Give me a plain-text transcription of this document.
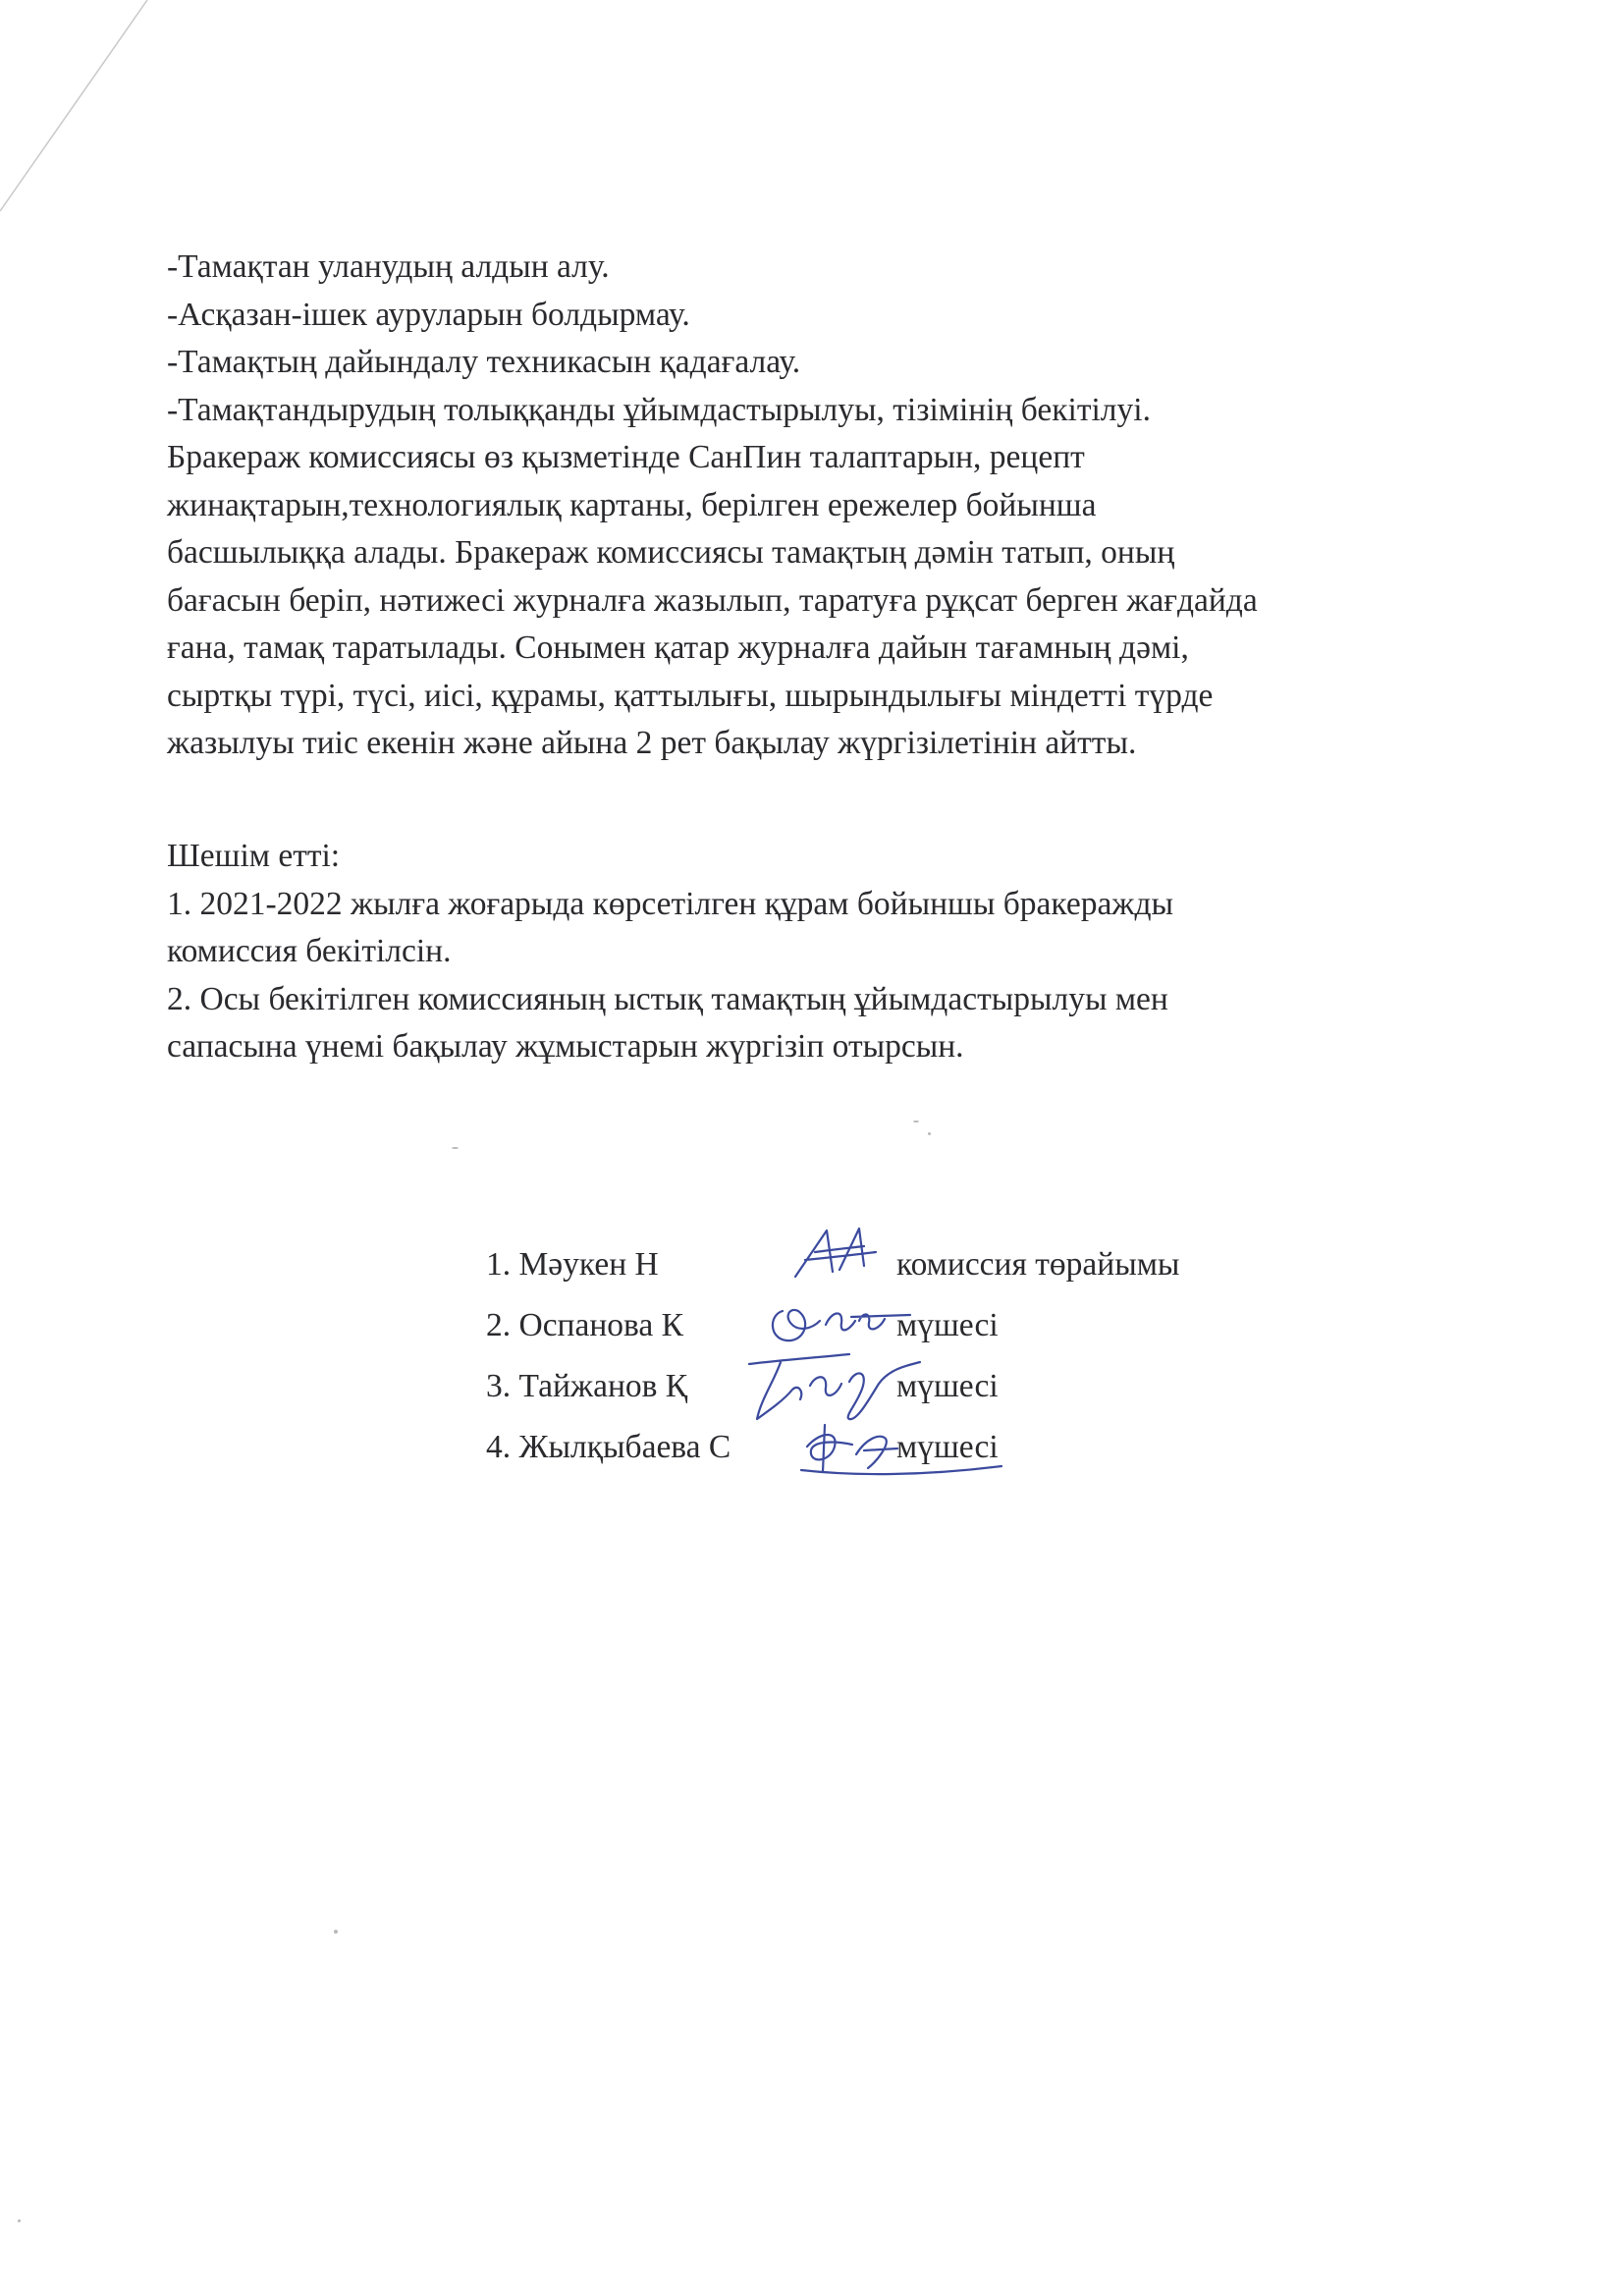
-Тамақтан уланудың алдын алу.

-Асқазан-ішек ауруларын болдырмау.

-Тамақтың дайындалу техникасын қадағалау.

-Тамақтандырудың толыққанды ұйымдастырылуы, тізімінің бекітілуі.

Бракераж комиссиясы өз қызметінде СанПин талаптарын, рецепт

жинақтарын,технологиялық картаны, берілген ережелер бойынша

басшылыққа алады. Бракераж комиссиясы тамақтың дәмін татып, оның

бағасын беріп, нәтижесі журналға жазылып, таратуға рұқсат берген жағдайда

ғана, тамақ таратылады. Сонымен қатар журналға дайын тағамның дәмі,

сыртқы түрі, түсі, иісі, құрамы, қаттылығы, шырындылығы міндетті түрде

жазылуы тиіс екенін және айына 2 рет бақылау жүргізілетінін айтты.

Шешім етті:

1. 2021-2022 жылға жоғарыда көрсетілген құрам бойыншы бракеражды

комиссия бекітілсін.

2. Осы бекітілген комиссияның ыстық тамақтың ұйымдастырылуы мен

сапасына үнемі бақылау жұмыстарын жүргізіп отырсын.

1. Мәукен Н	комиссия төрайымы
2. Оспанова К	мүшесі
3. Тайжанов Қ	мүшесі
4. Жылқыбаева С	мүшесі
